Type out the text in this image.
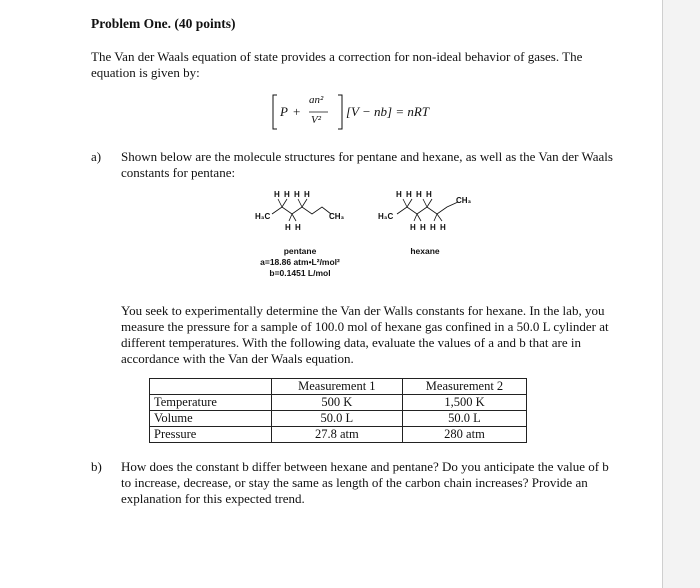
Problem One. (40 points)
The Van der Waals equation of state provides a correction for non-ideal behavior of gases. The equation is given by:
P +
an²
V²
[V − nb] = nRT
a) Shown below are the molecule structures for pentane and hexane, as well as the Van der Waals constants for pentane:
H H H H
H₃C	CH₃
H H
pentane
a=18.86 atm•L²/mol²
b=0.1451 L/mol
H H H H
H₃C
CH₃
H H H H
hexane
You seek to experimentally determine the Van der Walls constants for hexane. In the lab, you measure the pressure for a sample of 100.0 mol of hexane gas confined in a 50.0 L cylinder at different temperatures. With the following data, evaluate the values of a and b that are in accordance with the Van der Waals equation.
	Measurement 1	Measurement 2
Temperature	500 K	1,500 K
Volume	50.0 L	50.0 L
Pressure	27.8 atm	280 atm
b) How does the constant b differ between hexane and pentane? Do you anticipate the value of b to increase, decrease, or stay the same as length of the carbon chain increases? Provide an explanation for this expected trend.
